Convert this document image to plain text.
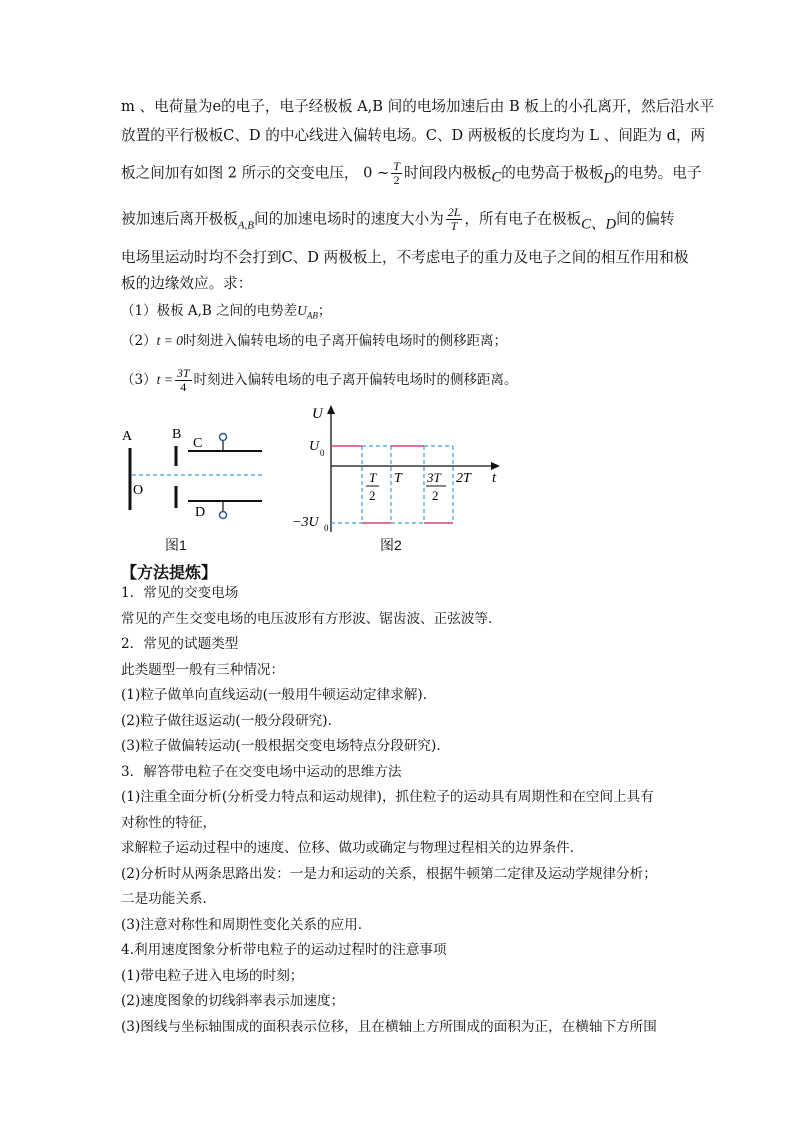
m 、电荷量为e的电子，电子经极板 A,B 间的电场加速后由 B 板上的小孔离开，然后沿水平
放置的平行极板C、D 的中心线进入偏转电场。C、D 两极板的长度均为 L 、间距为 d，两
板之间加有如图 2 所示的交变电压， 0 ~ $\frac{T}{2}$ 时间段内极板C的电势高于极板D的电势。电子
被加速后离开极板$_{A,B}$间的加速电场时的速度大小为 $\frac{2L}{T}$ ，所有电子在极板C、D间的偏转
电场里运动时均不会打到C、D 两极板上，不考虑电子的重力及电子之间的相互作用和极
板的边缘效应。求：
（1）极板 A,B 之间的电势差$U_{AB}$；
（2）t = 0时刻进入偏转电场的电子离开偏转电场时的侧移距离；
$(3)t = \frac{3T}{4}$ 时刻进入偏转电场的电子离开偏转电场时的侧移距离。
A	B
O
C
D
图1
U
t
U 0
−3U 0
T
2
T 3T
2
2T
图2
【方法提炼】
1．常见的交变电场
常见的产生交变电场的电压波形有方形波、锯齿波、正弦波等.
2．常见的试题类型
此类题型一般有三种情况：
(1)粒子做单向直线运动(一般用牛顿运动定律求解).
(2)粒子做往返运动(一般分段研究).
(3)粒子做偏转运动(一般根据交变电场特点分段研究).
3．解答带电粒子在交变电场中运动的思维方法
(1)注重全面分析(分析受力特点和运动规律)，抓住粒子的运动具有周期性和在空间上具有
对称性的特征，
求解粒子运动过程中的速度、位移、做功或确定与物理过程相关的边界条件.
(2)分析时从两条思路出发：一是力和运动的关系，根据牛顿第二定律及运动学规律分析；
二是功能关系.
(3)注意对称性和周期性变化关系的应用.
4.利用速度图象分析带电粒子的运动过程时的注意事项
(1)带电粒子进入电场的时刻；
(2)速度图象的切线斜率表示加速度；
(3)图线与坐标轴围成的面积表示位移，且在横轴上方所围成的面积为正，在横轴下方所围
